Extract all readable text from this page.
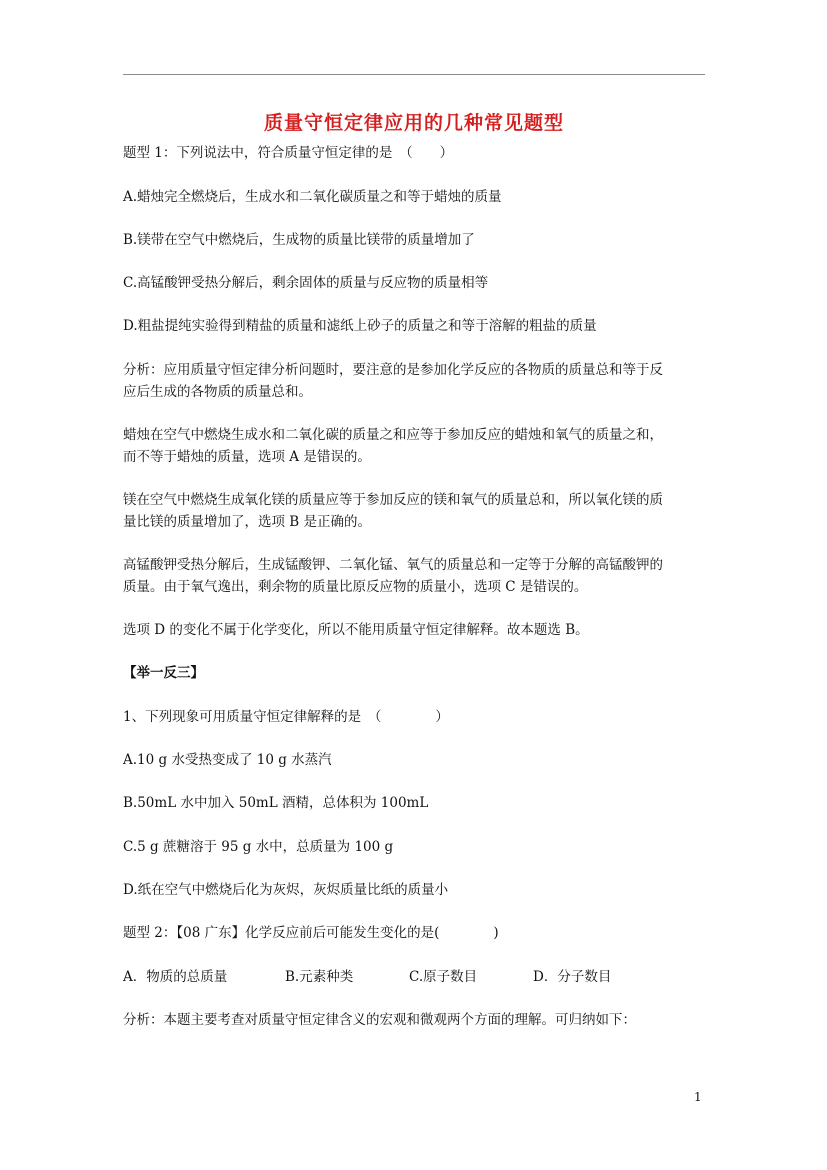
质量守恒定律应用的几种常见题型
题型 1：下列说法中，符合质量守恒定律的是　（　　）
A.蜡烛完全燃烧后，生成水和二氧化碳质量之和等于蜡烛的质量
B.镁带在空气中燃烧后，生成物的质量比镁带的质量增加了
C.高锰酸钾受热分解后，剩余固体的质量与反应物的质量相等
D.粗盐提纯实验得到精盐的质量和滤纸上砂子的质量之和等于溶解的粗盐的质量
分析：应用质量守恒定律分析问题时，要注意的是参加化学反应的各物质的质量总和等于反
应后生成的各物质的质量总和。
蜡烛在空气中燃烧生成水和二氧化碳的质量之和应等于参加反应的蜡烛和氧气的质量之和，
而不等于蜡烛的质量，选项 A 是错误的。
镁在空气中燃烧生成氧化镁的质量应等于参加反应的镁和氧气的质量总和，所以氧化镁的质
量比镁的质量增加了，选项 B 是正确的。
高锰酸钾受热分解后，生成锰酸钾、二氧化锰、氧气的质量总和一定等于分解的高锰酸钾的
质量。由于氧气逸出，剩余物的质量比原反应物的质量小，选项 C 是错误的。
选项 D 的变化不属于化学变化，所以不能用质量守恒定律解释。故本题选 B。
【举一反三】
1、下列现象可用质量守恒定律解释的是　（　　　　）
A.10 g 水受热变成了 10 g 水蒸汽
B.50mL 水中加入 50mL 酒精，总体积为 100mL
C.5 g 蔗糖溶于 95 g 水中，总质量为 100 g
D.纸在空气中燃烧后化为灰烬，灰烬质量比纸的质量小
题型 2：【08 广东】化学反应前后可能发生变化的是(　　　　)
A．物质的总质量	B.元素种类	C.原子数目	D．分子数目
分析：本题主要考查对质量守恒定律含义的宏观和微观两个方面的理解。可归纳如下：
1
